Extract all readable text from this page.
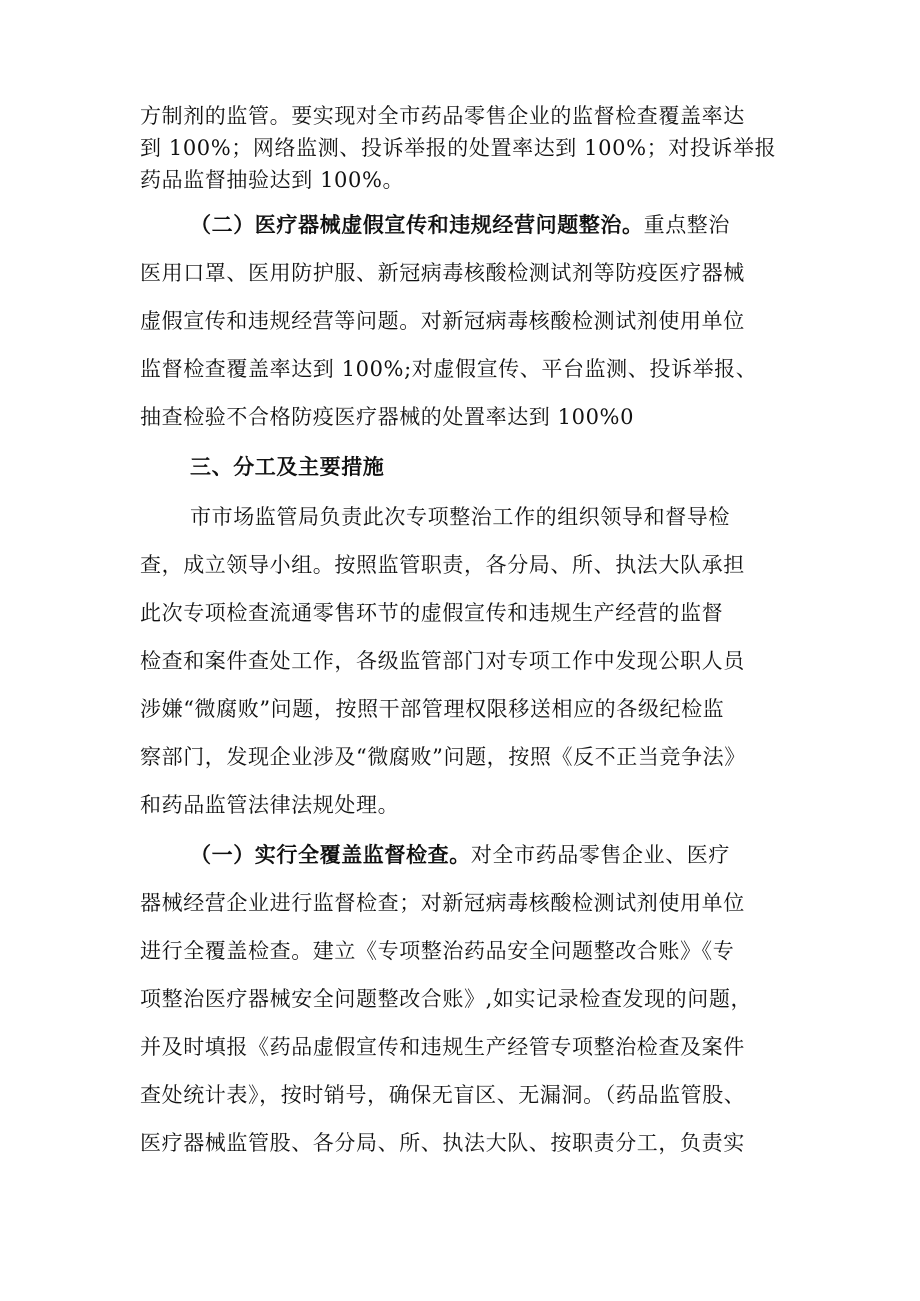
方制剂的监管。要实现对全市药品零售企业的监督检查覆盖率达
到 100%；网络监测、投诉举报的处置率达到 100%；对投诉举报
药品监督抽验达到 100%。
（二）医疗器械虚假宣传和违规经营问题整治。重点整治
医用口罩、医用防护服、新冠病毒核酸检测试剂等防疫医疗器械
虚假宣传和违规经营等问题。对新冠病毒核酸检测试剂使用单位
监督检查覆盖率达到 100%;对虚假宣传、平台监测、投诉举报、
抽查检验不合格防疫医疗器械的处置率达到 100%0
三、分工及主要措施
市市场监管局负责此次专项整治工作的组织领导和督导检
查，成立领导小组。按照监管职责，各分局、所、执法大队承担
此次专项检查流通零售环节的虚假宣传和违规生产经营的监督
检查和案件查处工作，各级监管部门对专项工作中发现公职人员
涉嫌“微腐败”问题，按照干部管理权限移送相应的各级纪检监
察部门，发现企业涉及“微腐败”问题，按照《反不正当竞争法》
和药品监管法律法规处理。
（一）实行全覆盖监督检查。对全市药品零售企业、医疗
器械经营企业进行监督检查；对新冠病毒核酸检测试剂使用单位
进行全覆盖检查。建立《专项整治药品安全问题整改合账》《专
项整治医疗器械安全问题整改合账》,如实记录检查发现的问题，
并及时填报《药品虚假宣传和违规生产经管专项整治检查及案件
查处统计表》，按时销号，确保无盲区、无漏洞。（药品监管股、
医疗器械监管股、各分局、所、执法大队、按职责分工，负责实
